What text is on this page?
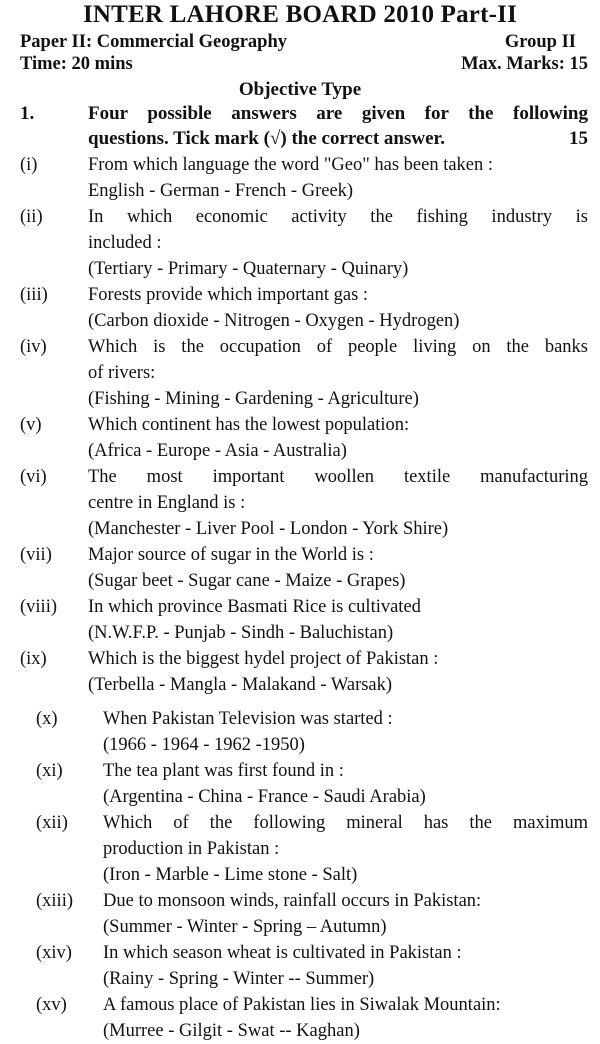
INTER LAHORE BOARD 2010 Part-II
Paper II: Commercial Geography	Group II
Time: 20 mins	Max. Marks: 15
Objective Type
1.	Four possible answers are given for the following
questions. Tick mark (√) the correct answer.	15
(i)	From which language the word "Geo" has been taken :
English - German - French - Greek)
(ii) In which economic activity the fishing industry is
included :
(Tertiary - Primary - Quaternary - Quinary)
(iii) Forests provide which important gas :
(Carbon dioxide - Nitrogen - Oxygen - Hydrogen)
(iv) Which is the occupation of people living on the banks
of rivers:
(Fishing - Mining - Gardening - Agriculture)
(v)	Which continent has the lowest population:
(Africa - Europe - Asia - Australia)
(vi) The most important woollen textile manufacturing
centre in England is :
(Manchester - Liver Pool - London - York Shire)
(vii) Major source of sugar in the World is :
(Sugar beet - Sugar cane - Maize - Grapes)
(viii) In which province Basmati Rice is cultivated
(N.W.F.P. - Punjab - Sindh - Baluchistan)
(ix) Which is the biggest hydel project of Pakistan :
(Terbella - Mangla - Malakand - Warsak)
(x) When Pakistan Television was started :
(1966 - 1964 - 1962 -1950)
(xi) The tea plant was first found in :
(Argentina - China - France - Saudi Arabia)
(xii) Which of the following mineral has the maximum
production in Pakistan :
(Iron - Marble - Lime stone - Salt)
(xiii) Due to monsoon winds, rainfall occurs in Pakistan:
(Summer - Winter - Spring – Autumn)
(xiv) In which season wheat is cultivated in Pakistan :
(Rainy - Spring - Winter -- Summer)
(xv) A famous place of Pakistan lies in Siwalak Mountain:
(Murree - Gilgit - Swat -- Kaghan)
